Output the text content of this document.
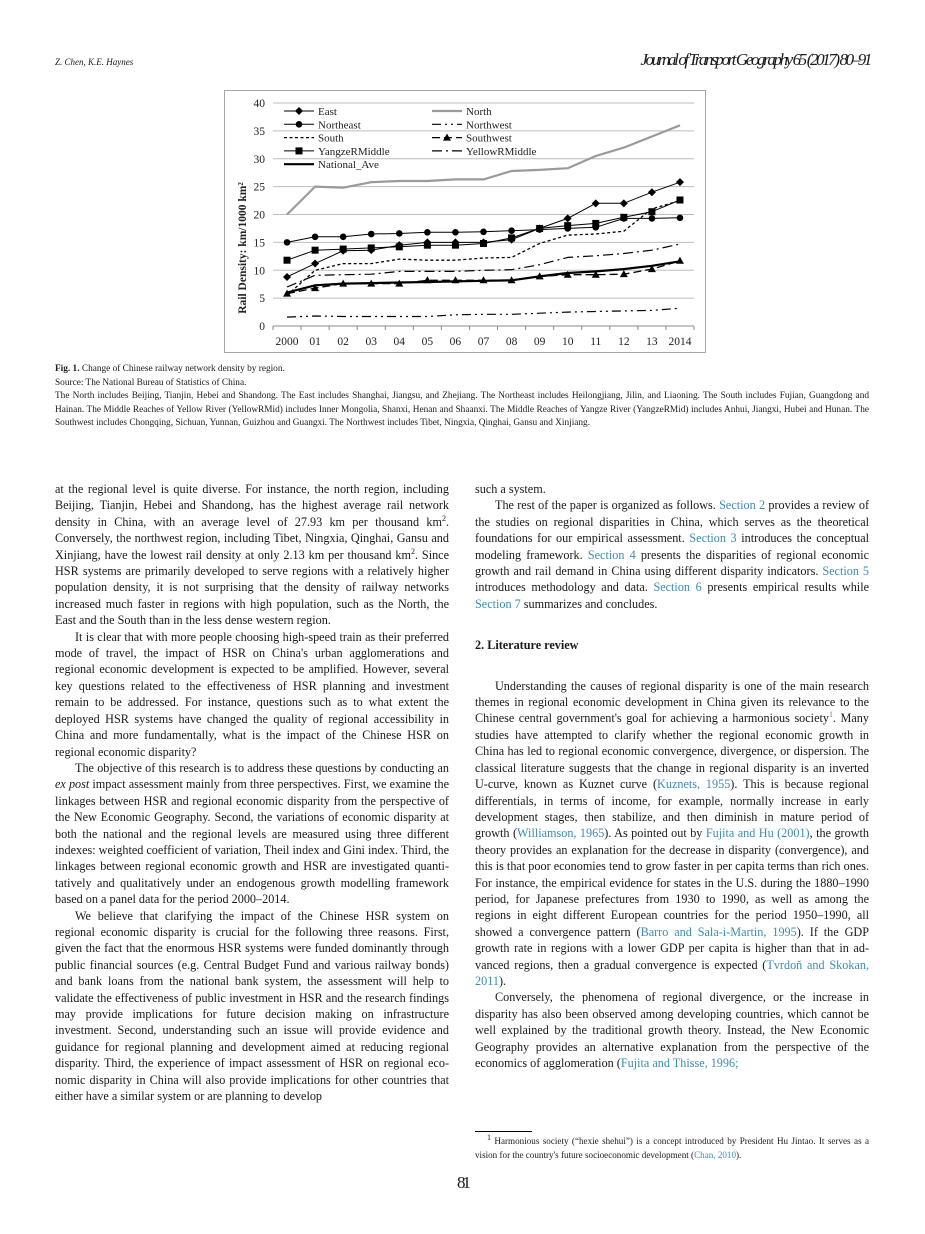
Z. Chen, K.E. Haynes	Journal of Transport Geography 65 (2017) 80–91
0
5
10
15
20
25
30
35
40
2000 01 02 03 04 05 06 07 08 09 10 11 12 13 2014
East
Northeast
South
YangzeRMiddle
National_Ave
North
Northwest
Southwest
YellowRMiddle
Rail Density: km/1000 km²

Fig. 1. Change of Chinese railway network density by region.

Source: The National Bureau of Statistics of China.

The North includes Beijing, Tianjin, Hebei and Shandong. The East includes Shanghai, Jiangsu, and Zhejiang. The Northeast includes Heilongjiang, Jilin, and Liaoning. The South includes Fujian, Guangdong and Hainan. The Middle Reaches of Yellow River (YellowRMid) includes Inner Mongolia, Shanxi, Henan and Shaanxi. The Middle Reaches of Yangze River (YangzeRMid) includes Anhui, Jiangxi, Hubei and Hunan. The Southwest includes Chongqing, Sichuan, Yunnan, Guizhou and Guangxi. The Northwest includes Tibet, Ningxia, Qinghai, Gansu and Xinjiang.

at the regional level is quite diverse. For instance, the north region, including Beijing, Tianjin, Hebei and Shandong, has the highest average rail network density in China, with an average level of 27.93 km per thousand $km^2$. Conversely, the northwest region, including Tibet, Ningxia, Qinghai, Gansu and Xinjiang, have the lowest rail density at only 2.13 km per thousand $km^2$. Since HSR systems are primarily developed to serve regions with a relatively higher population density, it is not surprising that the density of railway networks increased much faster in regions with high population, such as the North, the East and the South than in the less dense western region.

It is clear that with more people choosing high-speed train as their preferred mode of travel, the impact of HSR on China's urban agglomerations and regional economic development is expected to be amplified. However, several key questions related to the effectiveness of HSR planning and investment remain to be addressed. For instance, questions such as to what extent the deployed HSR systems have changed the quality of regional accessibility in China and more fundamentally, what is the impact of the Chinese HSR on regional economic disparity?

The objective of this research is to address these questions by conducting an ex post impact assessment mainly from three perspectives. First, we examine the linkages between HSR and regional economic disparity from the perspective of the New Economic Geography. Second, the variations of economic disparity at both the national and the regional levels are measured using three different indexes: weighted coefficient of variation, Theil index and Gini index. Third, the linkages between regional economic growth and HSR are investigated quantitatively and qualitatively under an endogenous growth modelling framework based on a panel data for the period 2000–2014.

We believe that clarifying the impact of the Chinese HSR system on regional economic disparity is crucial for the following three reasons. First, given the fact that the enormous HSR systems were funded dominantly through public financial sources (e.g. Central Budget Fund and various railway bonds) and bank loans from the national bank system, the assessment will help to validate the effectiveness of public investment in HSR and the research findings may provide implications for future decision making on infrastructure investment. Second, understanding such an issue will provide evidence and guidance for regional planning and development aimed at reducing regional disparity. Third, the experience of impact assessment of HSR on regional economic disparity in China will also provide implications for other countries that either have a similar system or are planning to develop

such a system.

The rest of the paper is organized as follows. Section 2 provides a review of the studies on regional disparities in China, which serves as the theoretical foundations for our empirical assessment. Section 3 introduces the conceptual modeling framework. Section 4 presents the disparities of regional economic growth and rail demand in China using different disparity indicators. Section 5 introduces methodology and data. Section 6 presents empirical results while Section 7 summarizes and concludes.

2. Literature review

Understanding the causes of regional disparity is one of the main research themes in regional economic development in China given its relevance to the Chinese central government's goal for achieving a harmonious society$^1$. Many studies have attempted to clarify whether the regional economic growth in China has led to regional economic convergence, divergence, or dispersion. The classical literature suggests that the change in regional disparity is an inverted U-curve, known as Kuznet curve (Kuznets, 1955). This is because regional differentials, in terms of income, for example, normally increase in early development stages, then stabilize, and then diminish in mature period of growth (Williamson, 1965). As pointed out by Fujita and Hu (2001), the growth theory provides an explanation for the decrease in disparity (convergence), and this is that poor economies tend to grow faster in per capita terms than rich ones. For instance, the empirical evidence for states in the U.S. during the 1880–1990 period, for Japanese prefectures from 1930 to 1990, as well as among the regions in eight different European countries for the period 1950–1990, all showed a convergence pattern (Barro and Sala-i-Martin, 1995). If the GDP growth rate in regions with a lower GDP per capita is higher than that in advanced regions, then a gradual convergence is expected (Tvrdoň and Skokan, 2011).

Conversely, the phenomena of regional divergence, or the increase in disparity has also been observed among developing countries, which cannot be well explained by the traditional growth theory. Instead, the New Economic Geography provides an alternative explanation from the perspective of the economics of agglomeration (Fujita and Thisse, 1996;

$^1$ Harmonious society (“hexie shehui”) is a concept introduced by President Hu Jintao. It serves as a vision for the country's future socioeconomic development (Chan, 2010).

81
